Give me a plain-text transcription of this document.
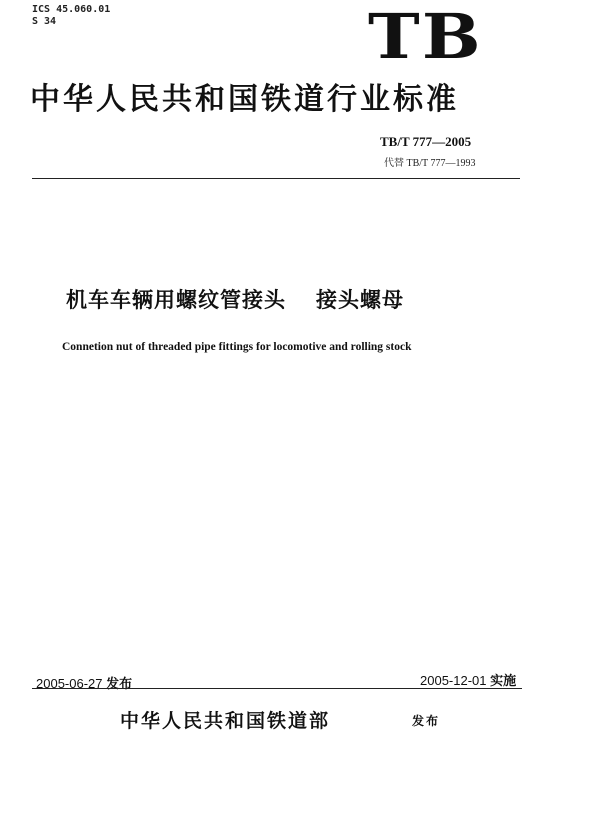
ICS 45.060.01
S 34	TB
中华人民共和国铁道行业标准
TB/T 777—2005
代替 TB/T 777—1993
机车车辆用螺纹管接头 接头螺母
Connetion nut of threaded pipe fittings for locomotive and rolling stock
2005-06-27 发布	2005-12-01 实施
中华人民共和国铁道部	发布
